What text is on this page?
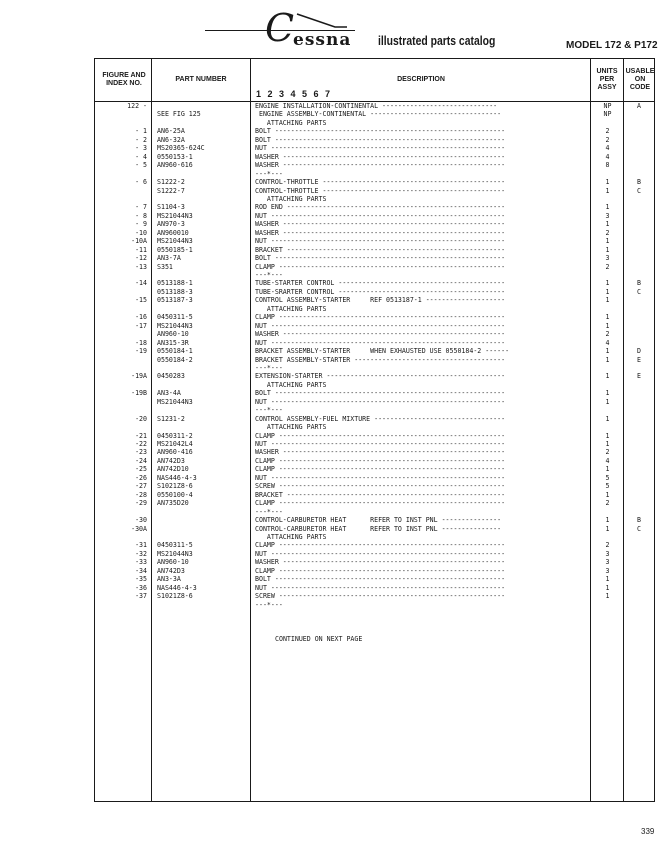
C
essna illustrated parts catalog	MODEL 172 & P172
FIGURE AND INDEX NO.
PART NUMBER	DESCRIPTION
1 2 3 4 5 6 7
UNITS PER ASSY
USABLE ON CODE
122 -	ENGINE INSTALLATION-CONTINENTAL -----------------------------	NP	A
SEE FIG 125	ENGINE ASSEMBLY-CONTINENTAL ---------------------------------	NP
ATTACHING PARTS
- 1 AN6-25A	BOLT ----------------------------------------------------------	2
- 2 AN6-32A	BOLT ----------------------------------------------------------	2
- 3 MS20365-624C	NUT -----------------------------------------------------------	4
- 4 0550153-1	WASHER --------------------------------------------------------	4
- 5 AN960-616	WASHER --------------------------------------------------------	8
---*---
- 6 S1222-2	CONTROL-THROTTLE ----------------------------------------------	1	B
S1222-7	CONTROL-THROTTLE ----------------------------------------------	1	C
ATTACHING PARTS
- 7 S1104-3	ROD END -------------------------------------------------------	1
- 8 MS21044N3	NUT -----------------------------------------------------------	3
- 9 AN970-3	WASHER --------------------------------------------------------	1
-10 AN960010	WASHER --------------------------------------------------------	2
-10A MS21044N3	NUT -----------------------------------------------------------	1
-11 0550185-1	BRACKET -------------------------------------------------------	1
-12 AN3-7A	BOLT ----------------------------------------------------------	3
-13 S351	CLAMP ---------------------------------------------------------	2
---*---
-14 0513188-1	TUBE-STARTER CONTROL ------------------------------------------	1	B
0513188-3	TUBE-SRARTER CONTROL ------------------------------------------	1	C
-15 0513187-3	CONTROL ASSEMBLY-STARTER     REF 0513187-1 --------------------	1
ATTACHING PARTS
-16 0450311-5	CLAMP ---------------------------------------------------------	1
-17 MS21044N3	NUT -----------------------------------------------------------	1
AN960-10	WASHER --------------------------------------------------------	2
-18 AN315-3R	NUT -----------------------------------------------------------	4
-19 0550184-1	BRACKET ASSEMBLY-STARTER     WHEN EXHAUSTED USE 0550184-2 ------	1	D
0550184-2	BRACKET ASSEMBLY-STARTER --------------------------------------	1	E
---*---
-19A 0450283	EXTENSION-STARTER ---------------------------------------------	1	E
ATTACHING PARTS
-19B AN3-4A	BOLT ----------------------------------------------------------	1
MS21044N3	NUT -----------------------------------------------------------	1
---*---
-20 S1231-2	CONTROL ASSEMBLY-FUEL MIXTURE ---------------------------------	1
ATTACHING PARTS
-21 0450311-2	CLAMP ---------------------------------------------------------	1
-22 MS21042L4	NUT -----------------------------------------------------------	1
-23 AN960-416	WASHER --------------------------------------------------------	2
-24 AN742D3	CLAMP ---------------------------------------------------------	4
-25 AN742D10	CLAMP ---------------------------------------------------------	1
-26 NAS446-4-3	NUT -----------------------------------------------------------	5
-27 S1021Z8-6	SCREW ---------------------------------------------------------	5
-28 0550100-4	BRACKET -------------------------------------------------------	1
-29 AN735D20	CLAMP ---------------------------------------------------------	2
---*---
-30	CONTROL-CARBURETOR HEAT      REFER TO INST PNL ---------------	1	B
-30A	CONTROL-CARBURETOR HEAT      REFER TO INST PNL ---------------	1	C
ATTACHING PARTS
-31 0450311-5	CLAMP ---------------------------------------------------------	2
-32 MS21044N3	NUT -----------------------------------------------------------	3
-33 AN960-10	WASHER --------------------------------------------------------	3
-34 AN742D3	CLAMP ---------------------------------------------------------	3
-35 AN3-3A	BOLT ----------------------------------------------------------	1
-36 NAS446-4-3	NUT -----------------------------------------------------------	1
-37 S1021Z8-6	SCREW ---------------------------------------------------------	1
---*---

CONTINUED ON NEXT PAGE

339
